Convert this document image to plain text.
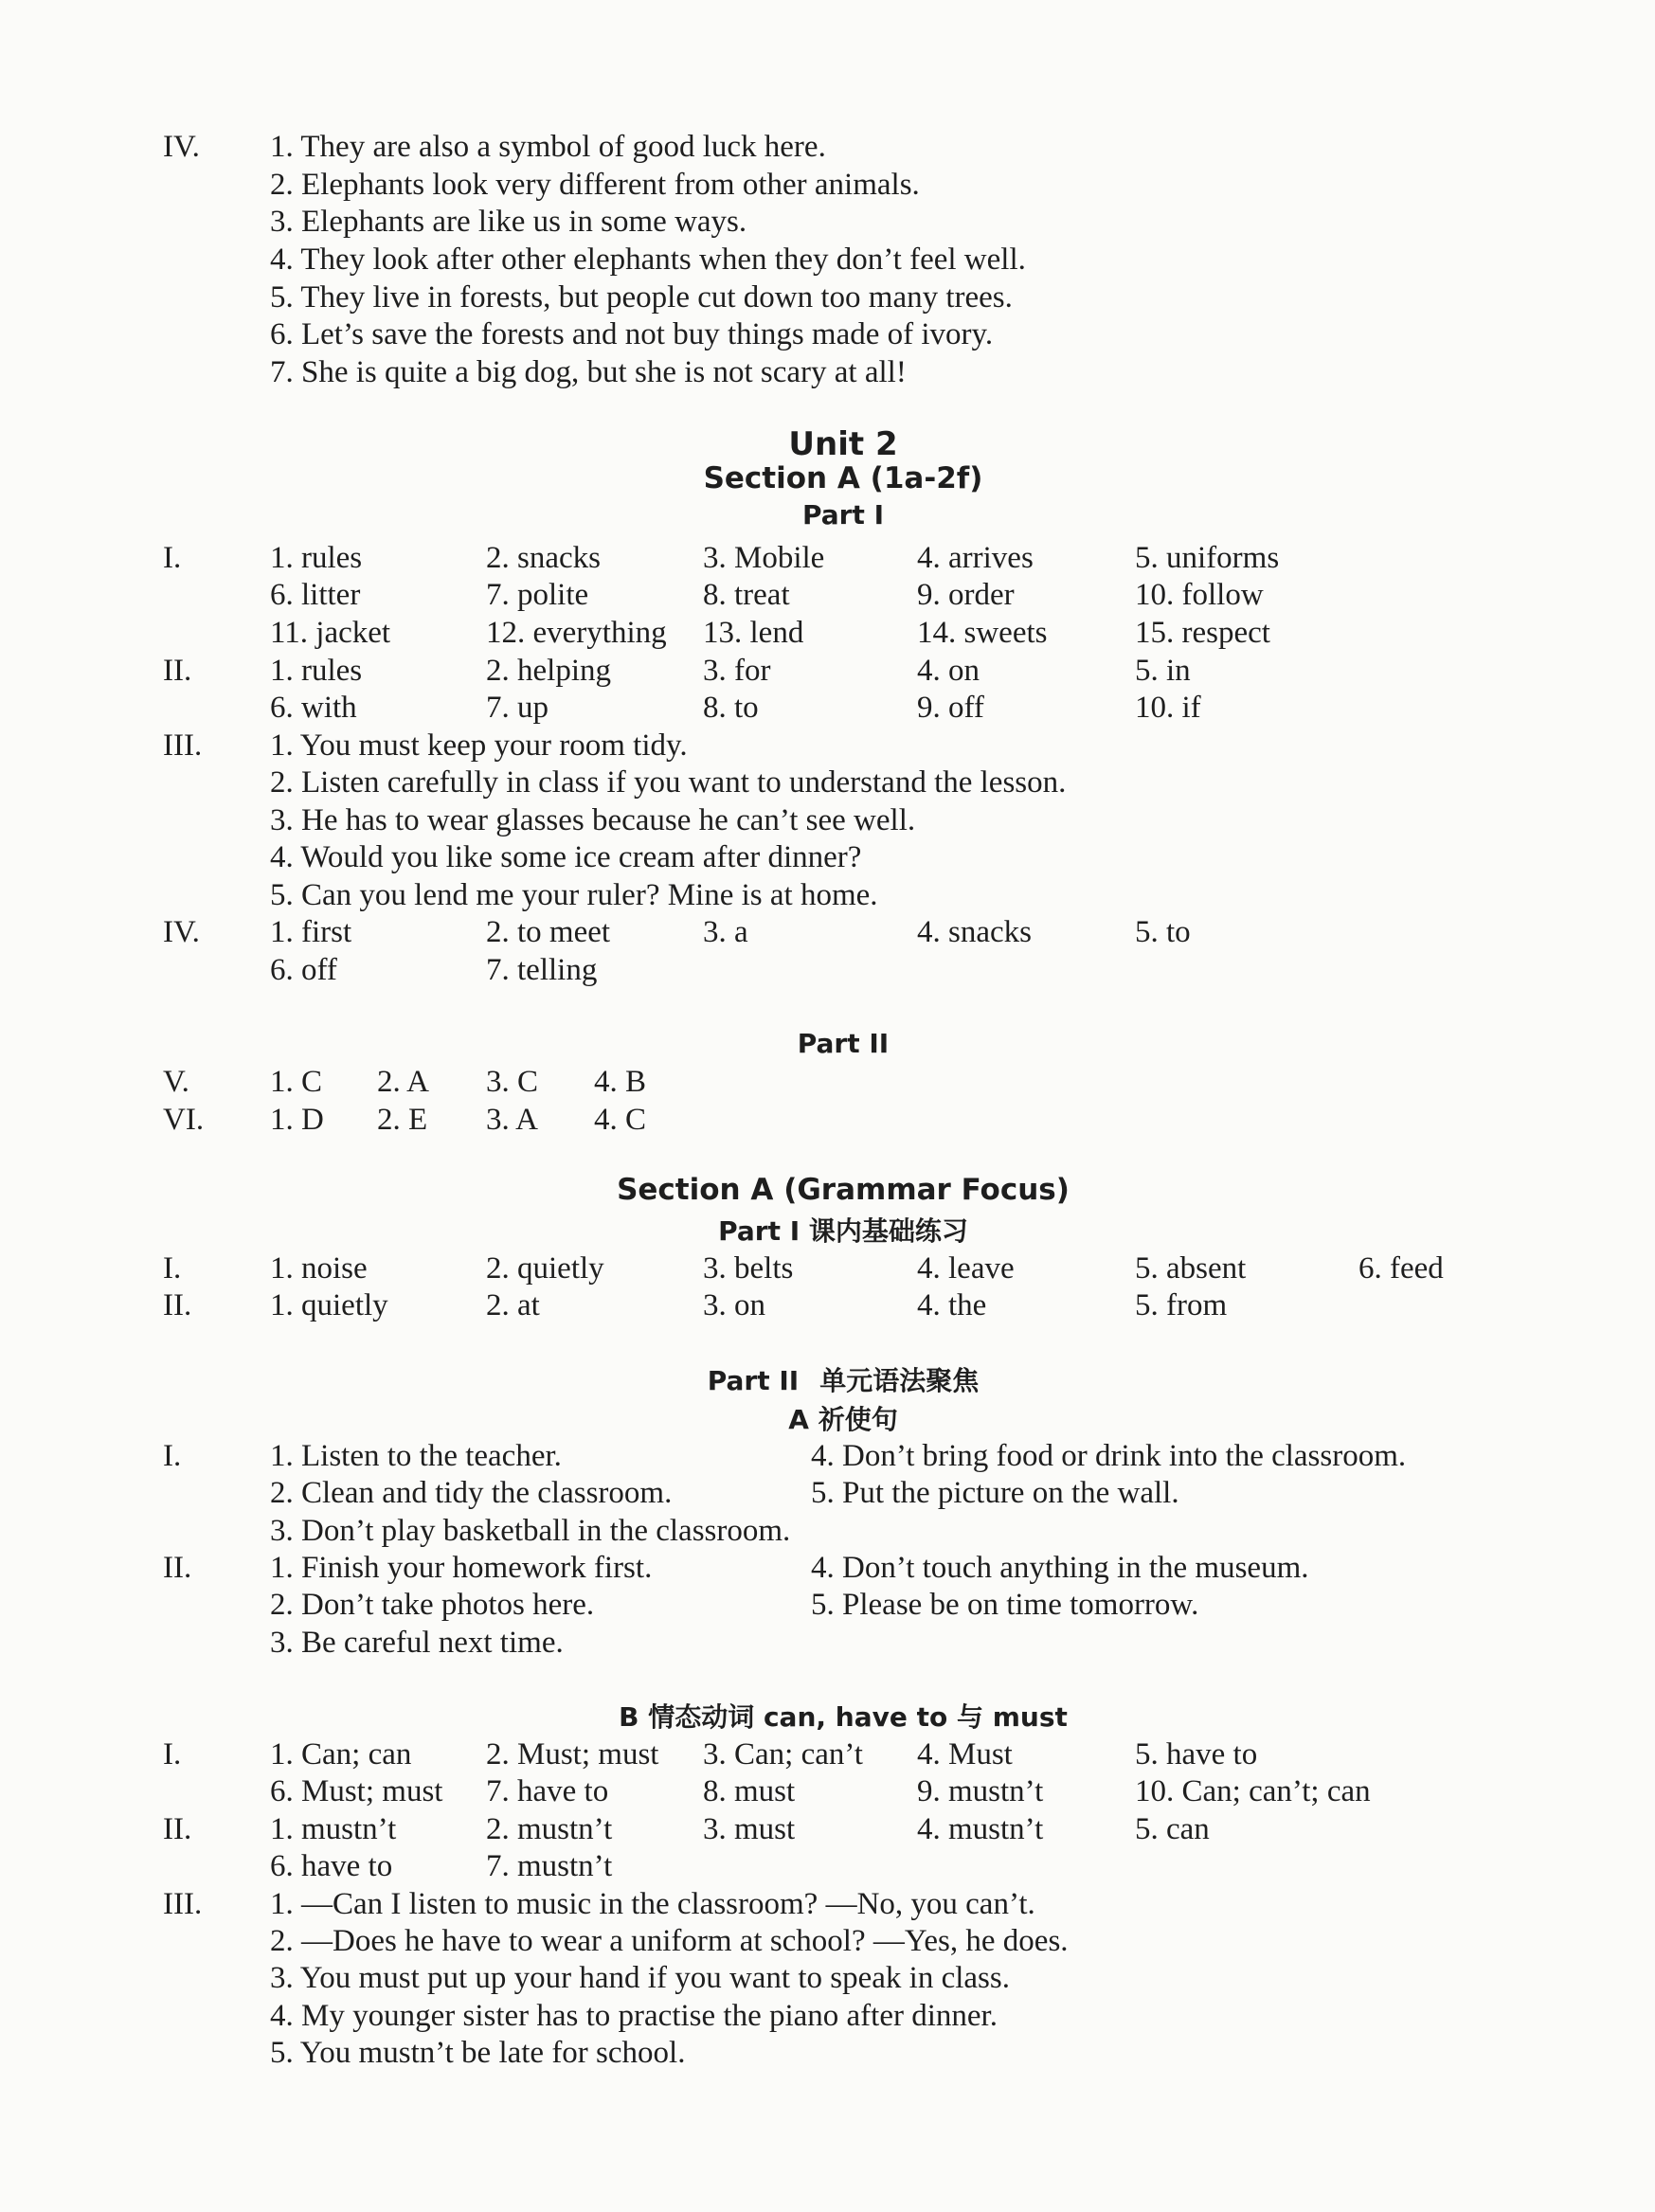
IV. 1. They are also a symbol of good luck here.
2. Elephants look very different from other animals.
3. Elephants are like us in some ways.
4. They look after other elephants when they don’t feel well.
5. They live in forests, but people cut down too many trees.
6. Let’s save the forests and not buy things made of ivory.
7. She is quite a big dog, but she is not scary at all!
Unit 2
Section A (1a-2f)
Part I
I.	1. rules	2. snacks	3. Mobile	4. arrives	5. uniforms
6. litter	7. polite	8. treat	9. order	10. follow
11. jacket	12. everything 13. lend	14. sweets	15. respect
II.	1. rules	2. helping	3. for	4. on	5. in
6. with	7. up	8. to	9. off	10. if
III. 1. You must keep your room tidy.
2. Listen carefully in class if you want to understand the lesson.
3. He has to wear glasses because he can’t see well.
4. Would you like some ice cream after dinner?
5. Can you lend me your ruler? Mine is at home.
IV. 1. first	2. to meet	3. a	4. snacks	5. to
6. off	7. telling
Part II
V.	1. C 2. A 3. C 4. B
VI. 1. D 2. E 3. A 4. C
Section A (Grammar Focus)
Part I 课内基础练习
I.	1. noise	2. quietly	3. belts	4. leave	5. absent	6. feed
II.	1. quietly	2. at	3. on	4. the	5. from
Part II 单元语法聚焦
A 祈使句
I.	1. Listen to the teacher.	4. Don’t bring food or drink into the classroom.
2. Clean and tidy the classroom.	5. Put the picture on the wall.
3. Don’t play basketball in the classroom.
II.	1. Finish your homework first.	4. Don’t touch anything in the museum.
2. Don’t take photos here.	5. Please be on time tomorrow.
3. Be careful next time.
B 情态动词 can, have to 与 must
I.	1. Can; can 2. Must; must 3. Can; can’t 4. Must	5. have to
6. Must; must 7. have to	8. must	9. mustn’t	10. Can; can’t; can
II.	1. mustn’t	2. mustn’t	3. must	4. mustn’t	5. can
6. have to	7. mustn’t
III. 1. —Can I listen to music in the classroom? —No, you can’t.
2. —Does he have to wear a uniform at school? —Yes, he does.
3. You must put up your hand if you want to speak in class.
4. My younger sister has to practise the piano after dinner.
5. You mustn’t be late for school.
